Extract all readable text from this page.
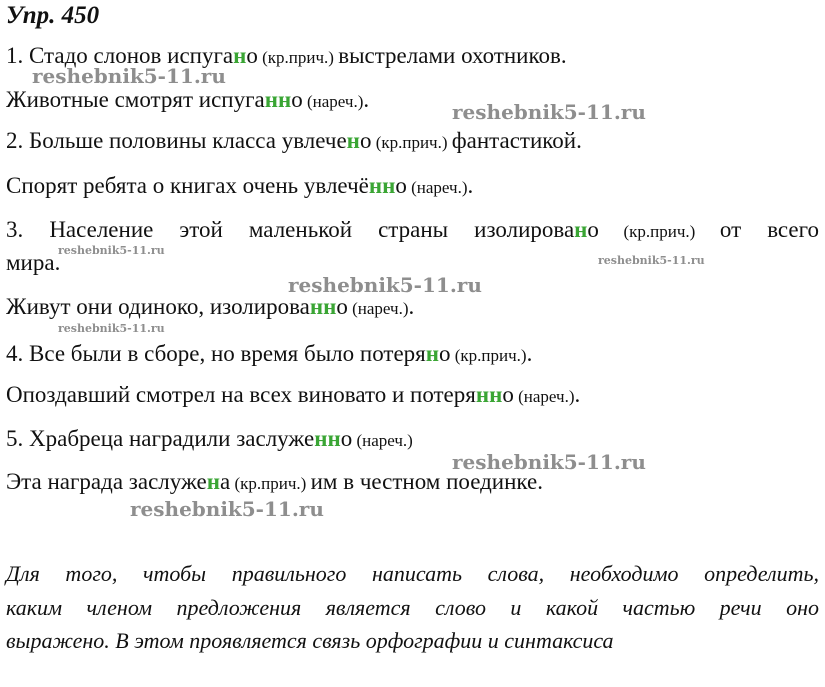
Упр. 450

1. Стадо слонов испугано (кр.прич.) выстрелами охотников.

Животные смотрят испуганно (нареч.).

2. Больше половины класса увлечено (кр.прич.) фантастикой.

Спорят ребята о книгах очень увлечённо (нареч.).

3. Население этой маленькой страны изолировано (кр.прич.) от всего

мира.

Живут они одиноко, изолированно (нареч.).

4. Все были в сборе, но время было потеряно (кр.прич.).

Опоздавший смотрел на всех виновато и потерянно (нареч.).

5. Храбреца наградили заслуженно (нареч.)

Эта награда заслужена (кр.прич.) им в честном поединке.

reshebnik5-11.ru
reshebnik5-11.ru
reshebnik5-11.ru
reshebnik5-11.ru
reshebnik5-11.ru
reshebnik5-11.ru
reshebnik5-11.ru
reshebnik5-11.ru

Для того, чтобы правильного написать слова, необходимо определить,

каким членом предложения является слово и какой частью речи оно

выражено. В этом проявляется связь орфографии и синтаксиса
